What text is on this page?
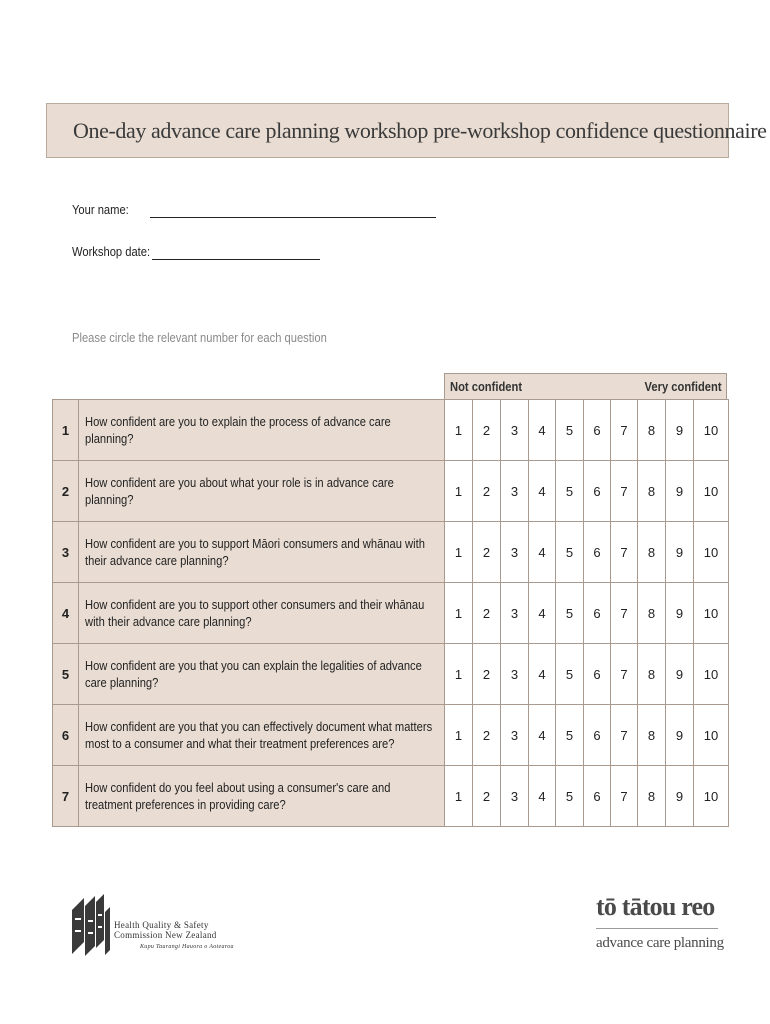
One-day advance care planning workshop pre-workshop confidence questionnaire
Your name:
Workshop date:
Please circle the relevant number for each question
Not confident	Very confident
1	How confident are you to explain the process of advance care planning?	1	2	3	4	5	6	7	8	9	10
2	How confident are you about what your role is in advance care planning?	1	2	3	4	5	6	7	8	9	10
3	How confident are you to support Māori consumers and whānau with their advance care planning?	1	2	3	4	5	6	7	8	9	10
4	How confident are you to support other consumers and their whānau with their advance care planning?	1	2	3	4	5	6	7	8	9	10
5	How confident are you that you can explain the legalities of advance care planning?	1	2	3	4	5	6	7	8	9	10
6	How confident are you that you can effectively document what matters most to a consumer and what their treatment preferences are?	1	2	3	4	5	6	7	8	9	10
7	How confident do you feel about using a consumer's care and treatment preferences in providing care?	1	2	3	4	5	6	7	8	9	10
Health Quality & Safety
Commission New Zealand
Kupu Taurangi Hauora o Aotearoa
tō tātou reo
advance care planning
